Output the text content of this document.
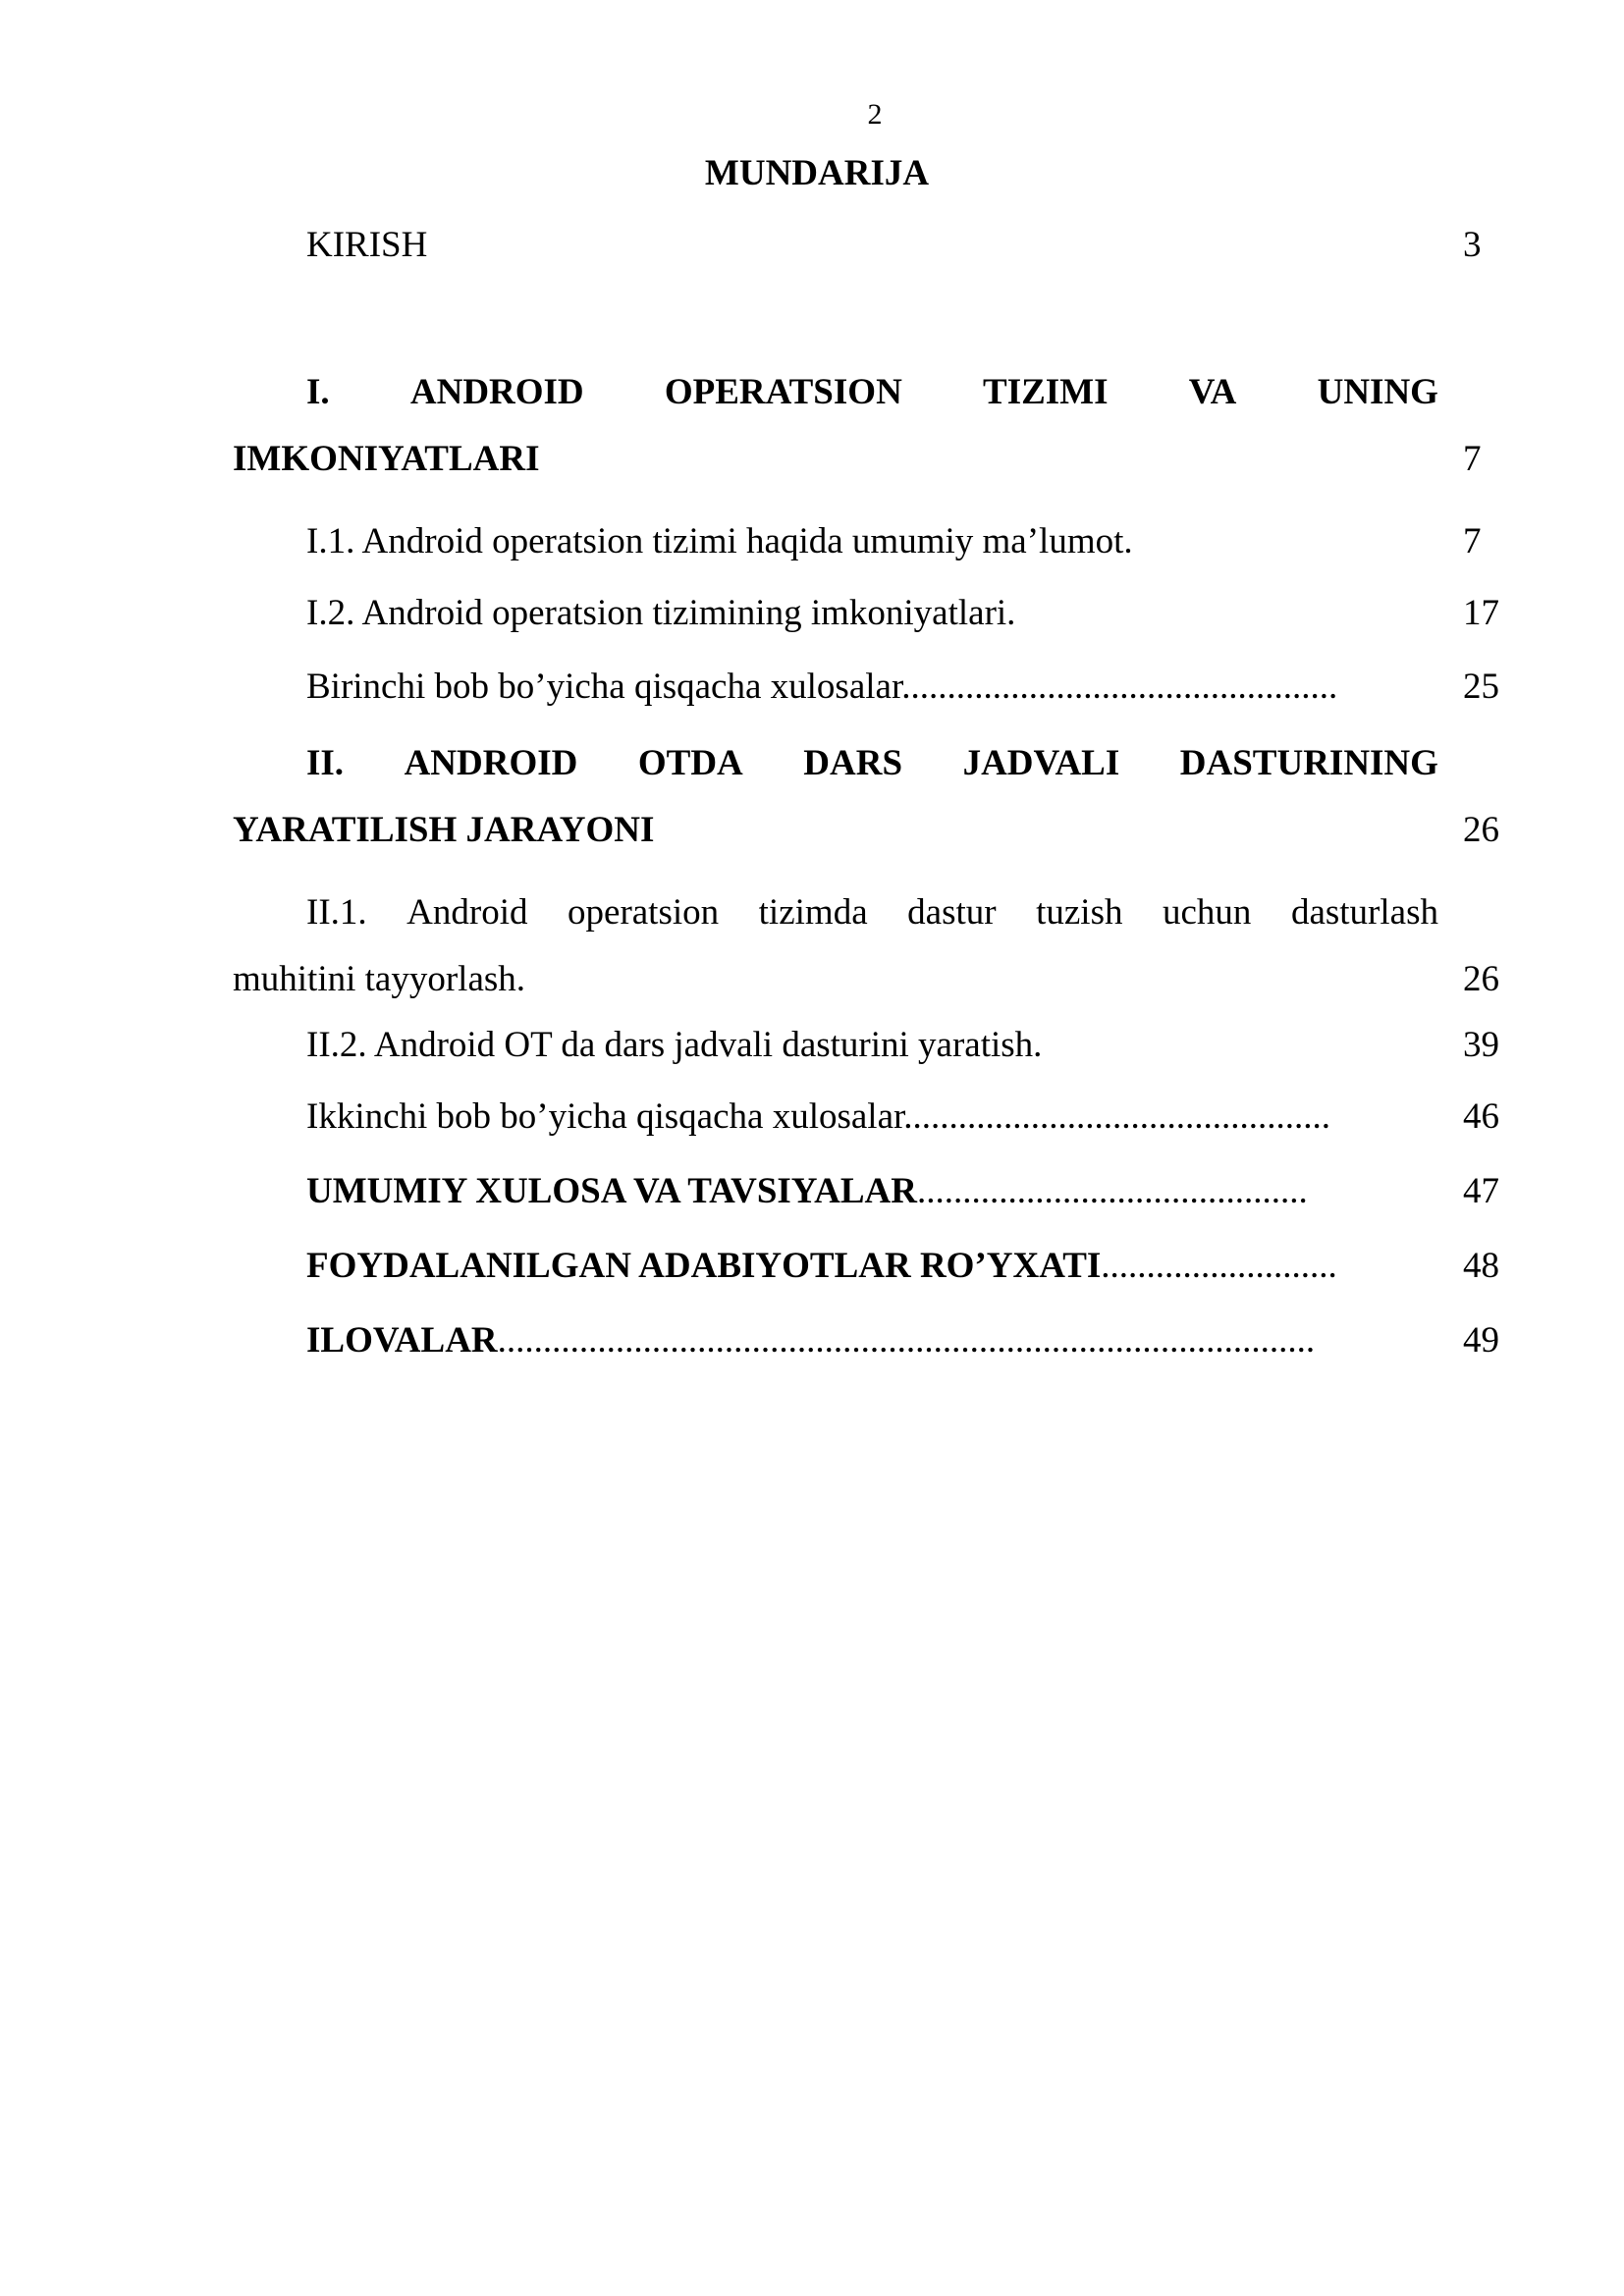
2
MUNDARIJA
KIRISH	3
I. ANDROID OPERATSION TIZIMI VA UNING
IMKONIYATLARI	7
I.1. Android operatsion tizimi haqida umumiy ma’lumot.	7
I.2. Android operatsion tizimining imkoniyatlari.	17
Birinchi bob bo’yicha qisqacha xulosalar................................................	25
II. ANDROID OTDA DARS JADVALI DASTURINING
YARATILISH JARAYONI	26
II.1. Android operatsion tizimda dastur tuzish uchun dasturlash
muhitini tayyorlash.	26
II.2. Android OT da dars jadvali dasturini yaratish.	39
Ikkinchi bob bo’yicha qisqacha xulosalar...............................................	46
UMUMIY XULOSA VA TAVSIYALAR...........................................	47
FOYDALANILGAN ADABIYOTLAR RO’YXATI..........................	48
ILOVALAR..........................................................................................	49
